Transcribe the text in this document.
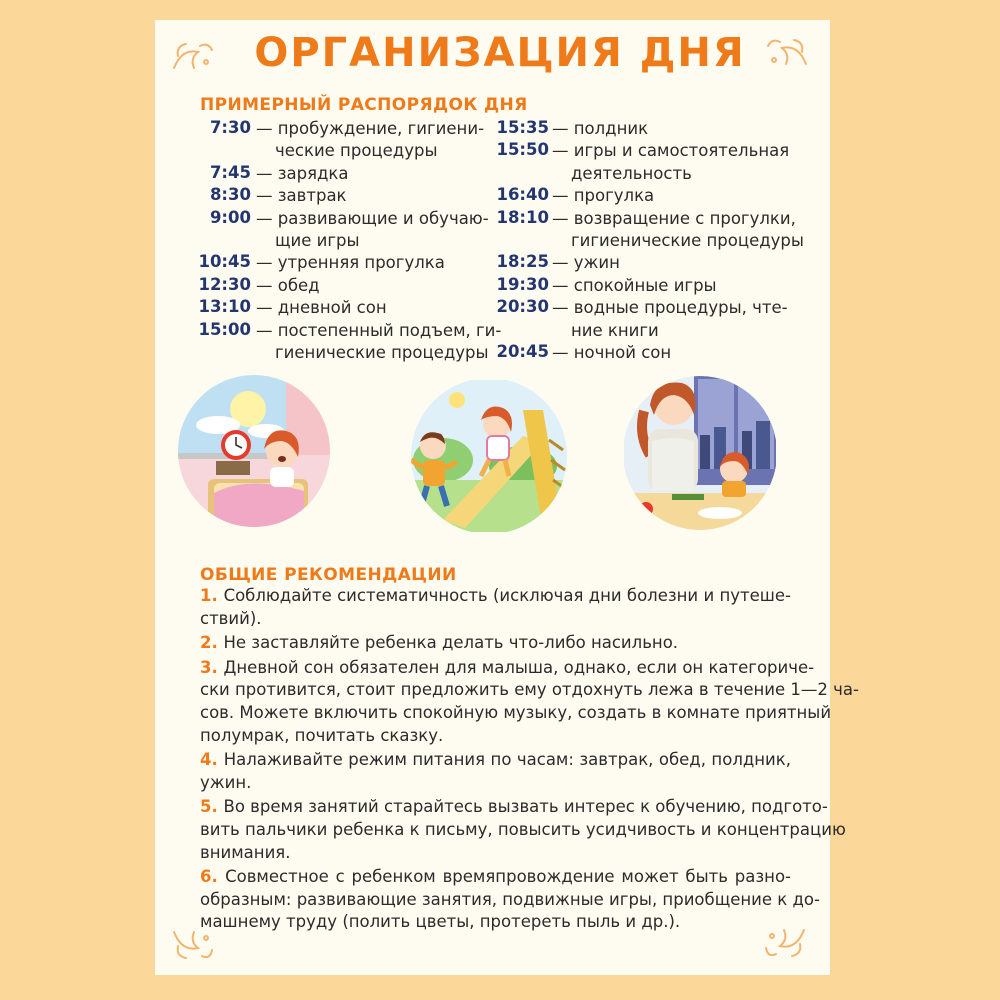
ОРГАНИЗАЦИЯ ДНЯ
ПРИМЕРНЫЙ РАСПОРЯДОК ДНЯ
7:30 — пробуждение, гигиени-
ческие процедуры
7:45 — зарядка
8:30 — завтрак
9:00 — развивающие и обучаю-
щие игры
10:45 — утренняя прогулка
12:30 — обед
13:10 — дневной сон
15:00 — постепенный подъем, ги-
гиенические процедуры
15:35 — полдник
15:50 — игры и самостоятельная
деятельность
16:40 — прогулка
18:10 — возвращение с прогулки,
гигиенические процедуры
18:25 — ужин
19:30 — спокойные игры
20:30 — водные процедуры, чте-
ние книги
20:45 — ночной сон
ОБЩИЕ РЕКОМЕНДАЦИИ
1. Соблюдайте систематичность (исключая дни болезни и путеше-
ствий).
2. Не заставляйте ребенка делать что-либо насильно.
3. Дневной сон обязателен для малыша, однако, если он категориче-
ски противится, стоит предложить ему отдохнуть лежа в течение 1—2 ча-
сов. Можете включить спокойную музыку, создать в комнате приятный
полумрак, почитать сказку.
4. Налаживайте режим питания по часам: завтрак, обед, полдник,
ужин.
5. Во время занятий старайтесь вызвать интерес к обучению, подгото-
вить пальчики ребенка к письму, повысить усидчивость и концентрацию
внимания.
6. Совместное с ребенком времяпровождение может быть разно-
образным: развивающие занятия, подвижные игры, приобщение к до-
машнему труду (полить цветы, протереть пыль и др.).
